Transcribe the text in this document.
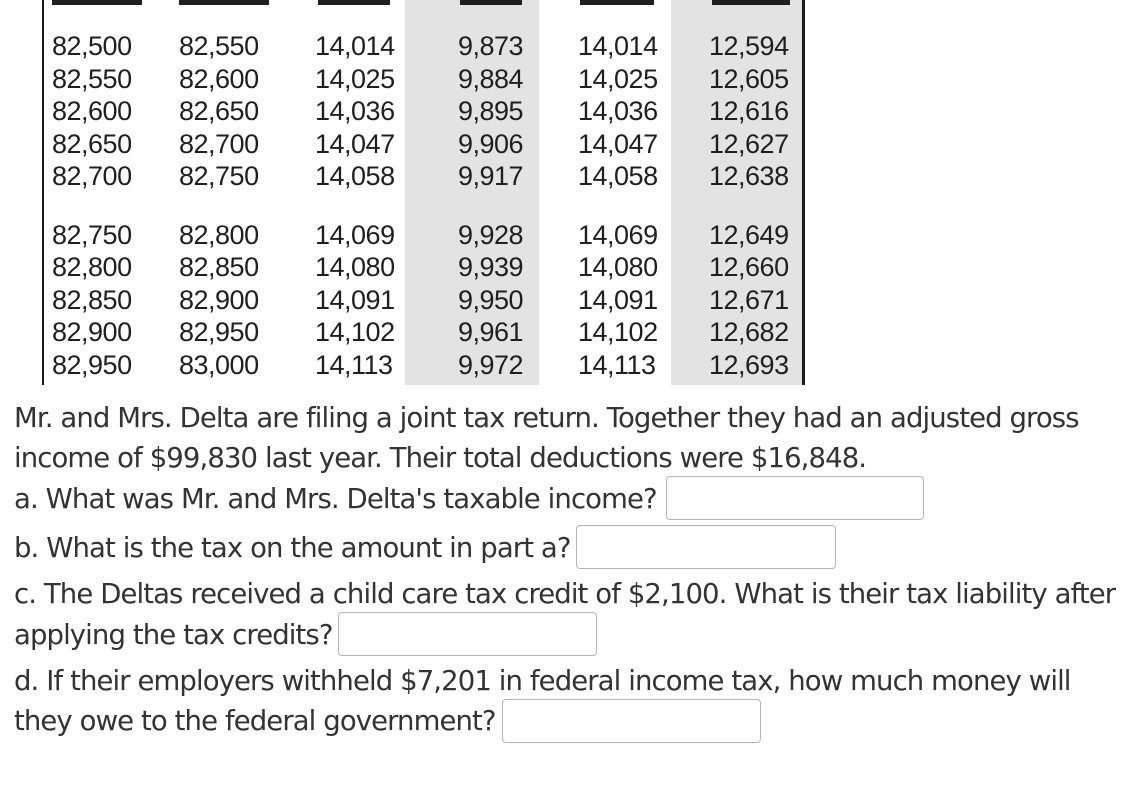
82,500 82,550 14,014 9,873 14,014 12,594
82,550 82,600 14,025 9,884 14,025 12,605
82,600 82,650 14,036 9,895 14,036 12,616
82,650 82,700 14,047 9,906 14,047 12,627
82,700 82,750 14,058 9,917 14,058 12,638
82,750 82,800 14,069 9,928 14,069 12,649
82,800 82,850 14,080 9,939 14,080 12,660
82,850 82,900 14,091 9,950 14,091 12,671
82,900 82,950 14,102 9,961 14,102 12,682
82,950 83,000 14,113 9,972 14,113 12,693
Mr. and Mrs. Delta are filing a joint tax return. Together they had an adjusted gross
income of $99,830 last year. Their total deductions were $16,848.
a. What was Mr. and Mrs. Delta's taxable income?
b. What is the tax on the amount in part a?
c. The Deltas received a child care tax credit of $2,100. What is their tax liability after
applying the tax credits?
d. If their employers withheld $7,201 in federal income tax, how much money will
they owe to the federal government?
